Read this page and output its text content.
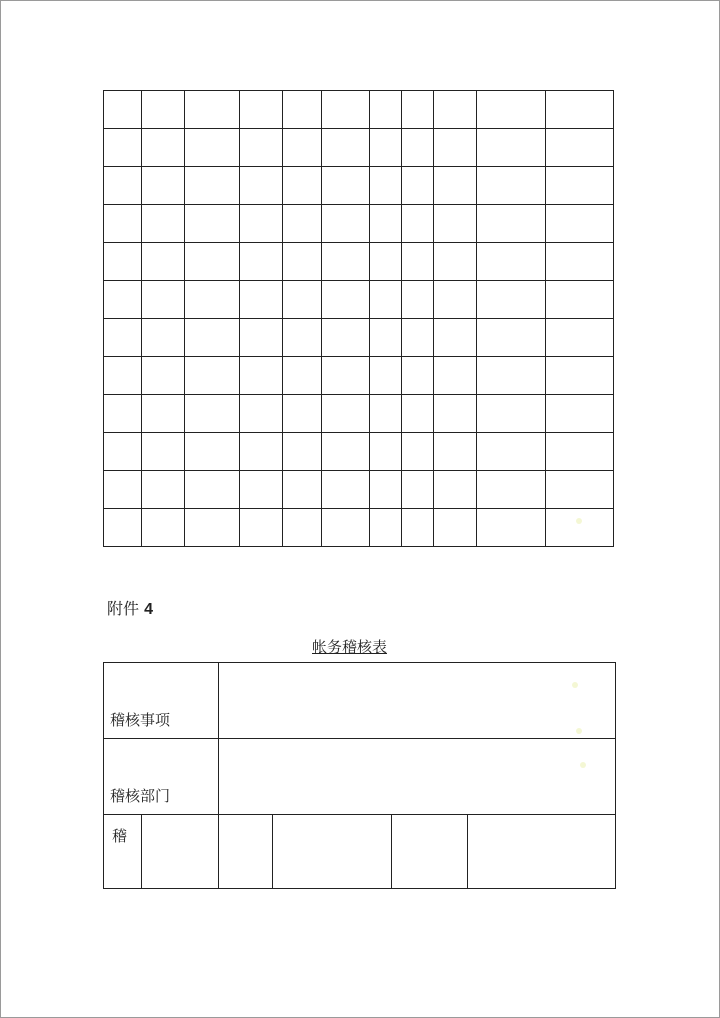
附件 4
帐务稽核表
稽核事项					
稽核部门					
稽					
